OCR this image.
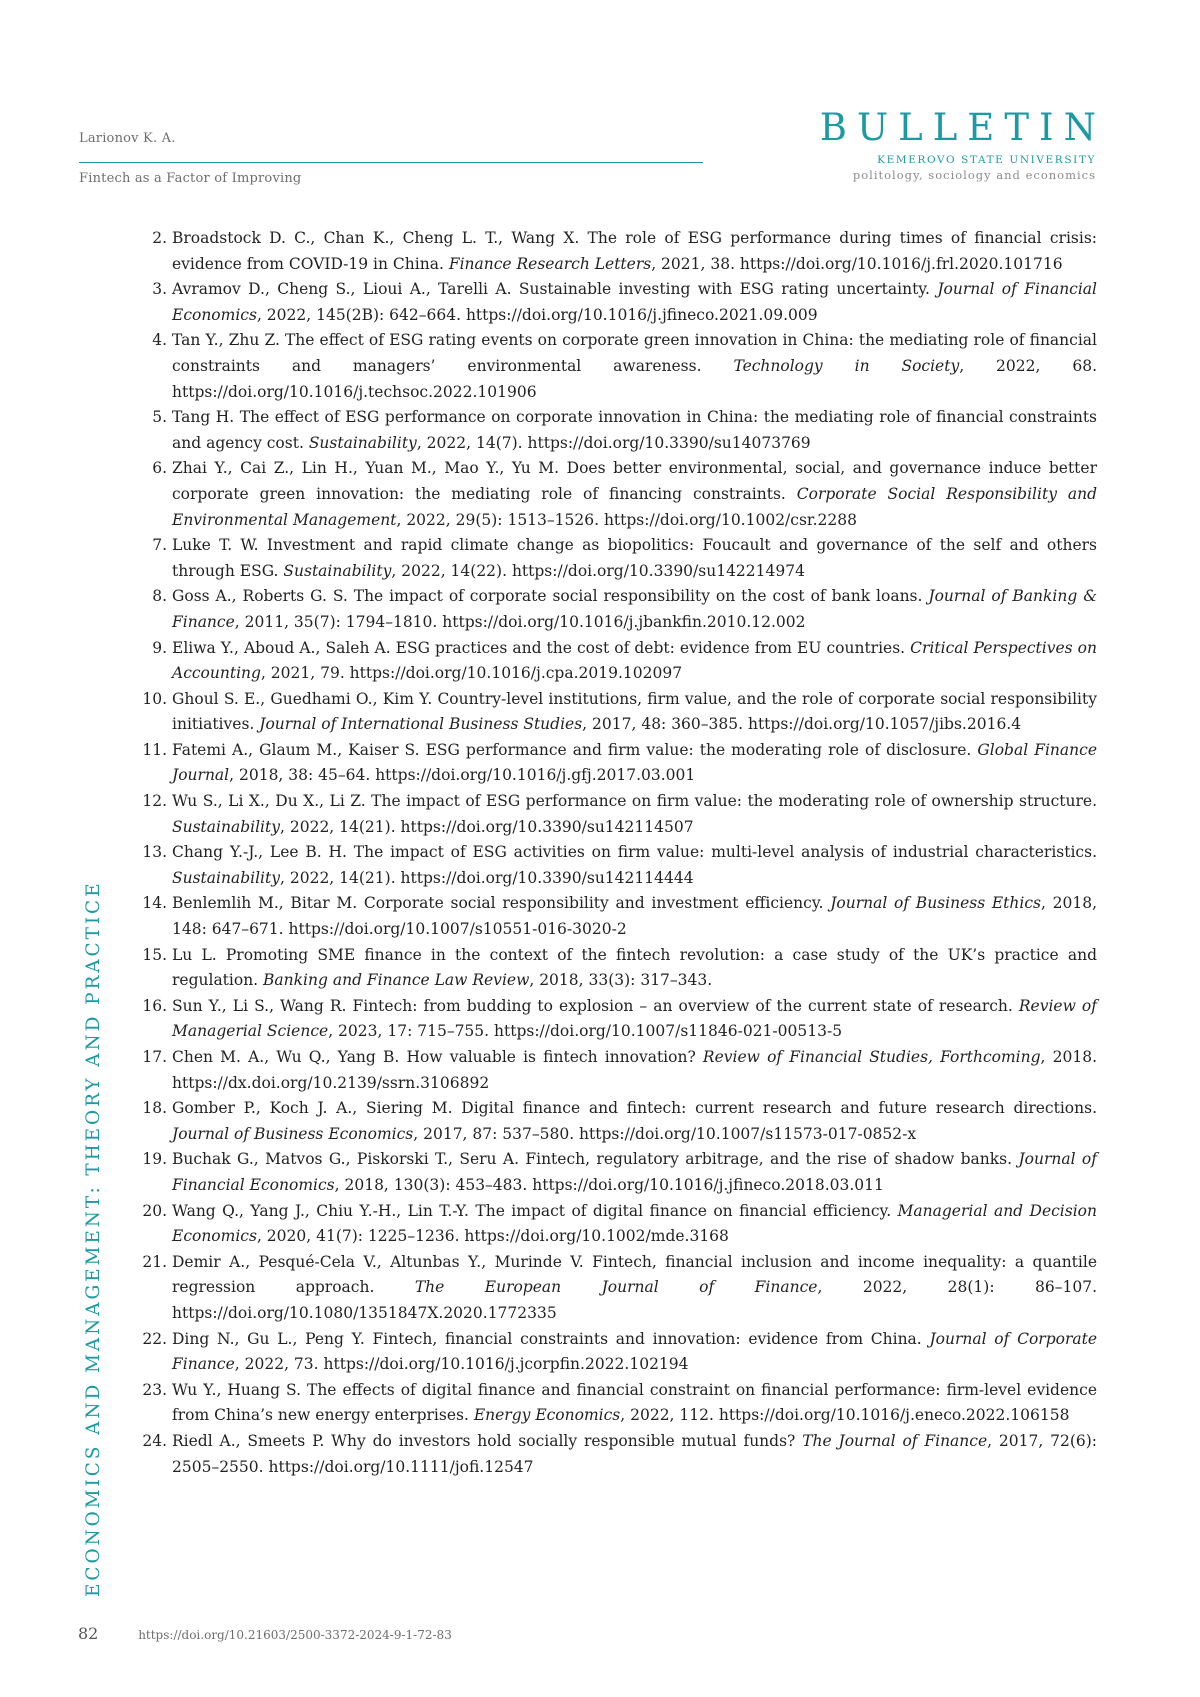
Larionov K. A.
Fintech as a Factor of Improving
BULLETIN
KEMEROVO STATE UNIVERSITY
politology, sociology and economics
ECONOMICS AND MANAGEMENT: THEORY AND PRACTICE
2. Broadstock D. C., Chan K., Cheng L. T., Wang X. The role of ESG performance during times of financial crisis: evidence from COVID-19 in China. Finance Research Letters, 2021, 38. https://doi.org/10.1016/j.frl.2020.101716
3. Avramov D., Cheng S., Lioui A., Tarelli A. Sustainable investing with ESG rating uncertainty. Journal of Financial Economics, 2022, 145(2B): 642–664. https://doi.org/10.1016/j.jfineco.2021.09.009
4. Tan Y., Zhu Z. The effect of ESG rating events on corporate green innovation in China: the mediating role of financial constraints and managers’ environmental awareness. Technology in Society, 2022, 68. https://doi.org/10.1016/j.techsoc.2022.101906
5. Tang H. The effect of ESG performance on corporate innovation in China: the mediating role of financial constraints and agency cost. Sustainability, 2022, 14(7). https://doi.org/10.3390/su14073769
6. Zhai Y., Cai Z., Lin H., Yuan M., Mao Y., Yu M. Does better environmental, social, and governance induce better corporate green innovation: the mediating role of financing constraints. Corporate Social Responsibility and Environmental Management, 2022, 29(5): 1513–1526. https://doi.org/10.1002/csr.2288
7. Luke T. W. Investment and rapid climate change as biopolitics: Foucault and governance of the self and others through ESG. Sustainability, 2022, 14(22). https://doi.org/10.3390/su142214974
8. Goss A., Roberts G. S. The impact of corporate social responsibility on the cost of bank loans. Journal of Banking & Finance, 2011, 35(7): 1794–1810. https://doi.org/10.1016/j.jbankfin.2010.12.002
9. Eliwa Y., Aboud A., Saleh A. ESG practices and the cost of debt: evidence from EU countries. Critical Perspectives on Accounting, 2021, 79. https://doi.org/10.1016/j.cpa.2019.102097
10. Ghoul S. E., Guedhami O., Kim Y. Country-level institutions, firm value, and the role of corporate social responsibility initiatives. Journal of International Business Studies, 2017, 48: 360–385. https://doi.org/10.1057/jibs.2016.4
11. Fatemi A., Glaum M., Kaiser S. ESG performance and firm value: the moderating role of disclosure. Global Finance Journal, 2018, 38: 45–64. https://doi.org/10.1016/j.gfj.2017.03.001
12. Wu S., Li X., Du X., Li Z. The impact of ESG performance on firm value: the moderating role of ownership structure. Sustainability, 2022, 14(21). https://doi.org/10.3390/su142114507
13. Chang Y.-J., Lee B. H. The impact of ESG activities on firm value: multi-level analysis of industrial characteristics. Sustainability, 2022, 14(21). https://doi.org/10.3390/su142114444
14. Benlemlih M., Bitar M. Corporate social responsibility and investment efficiency. Journal of Business Ethics, 2018, 148: 647–671. https://doi.org/10.1007/s10551-016-3020-2
15. Lu L. Promoting SME finance in the context of the fintech revolution: a case study of the UK’s practice and regulation. Banking and Finance Law Review, 2018, 33(3): 317–343.
16. Sun Y., Li S., Wang R. Fintech: from budding to explosion – an overview of the current state of research. Review of Managerial Science, 2023, 17: 715–755. https://doi.org/10.1007/s11846-021-00513-5
17. Chen M. A., Wu Q., Yang B. How valuable is fintech innovation? Review of Financial Studies, Forthcoming, 2018. https://dx.doi.org/10.2139/ssrn.3106892
18. Gomber P., Koch J. A., Siering M. Digital finance and fintech: current research and future research directions. Journal of Business Economics, 2017, 87: 537–580. https://doi.org/10.1007/s11573-017-0852-x
19. Buchak G., Matvos G., Piskorski T., Seru A. Fintech, regulatory arbitrage, and the rise of shadow banks. Journal of Financial Economics, 2018, 130(3): 453–483. https://doi.org/10.1016/j.jfineco.2018.03.011
20. Wang Q., Yang J., Chiu Y.-H., Lin T.-Y. The impact of digital finance on financial efficiency. Managerial and Decision Economics, 2020, 41(7): 1225–1236. https://doi.org/10.1002/mde.3168
21. Demir A., Pesqué-Cela V., Altunbas Y., Murinde V. Fintech, financial inclusion and income inequality: a quantile regression approach. The European Journal of Finance, 2022, 28(1): 86–107. https://doi.org/10.1080/1351847X.2020.1772335
22. Ding N., Gu L., Peng Y. Fintech, financial constraints and innovation: evidence from China. Journal of Corporate Finance, 2022, 73. https://doi.org/10.1016/j.jcorpfin.2022.102194
23. Wu Y., Huang S. The effects of digital finance and financial constraint on financial performance: firm-level evidence from China’s new energy enterprises. Energy Economics, 2022, 112. https://doi.org/10.1016/j.eneco.2022.106158
24. Riedl A., Smeets P. Why do investors hold socially responsible mutual funds? The Journal of Finance, 2017, 72(6): 2505–2550. https://doi.org/10.1111/jofi.12547
82	https://doi.org/10.21603/2500-3372-2024-9-1-72-83
